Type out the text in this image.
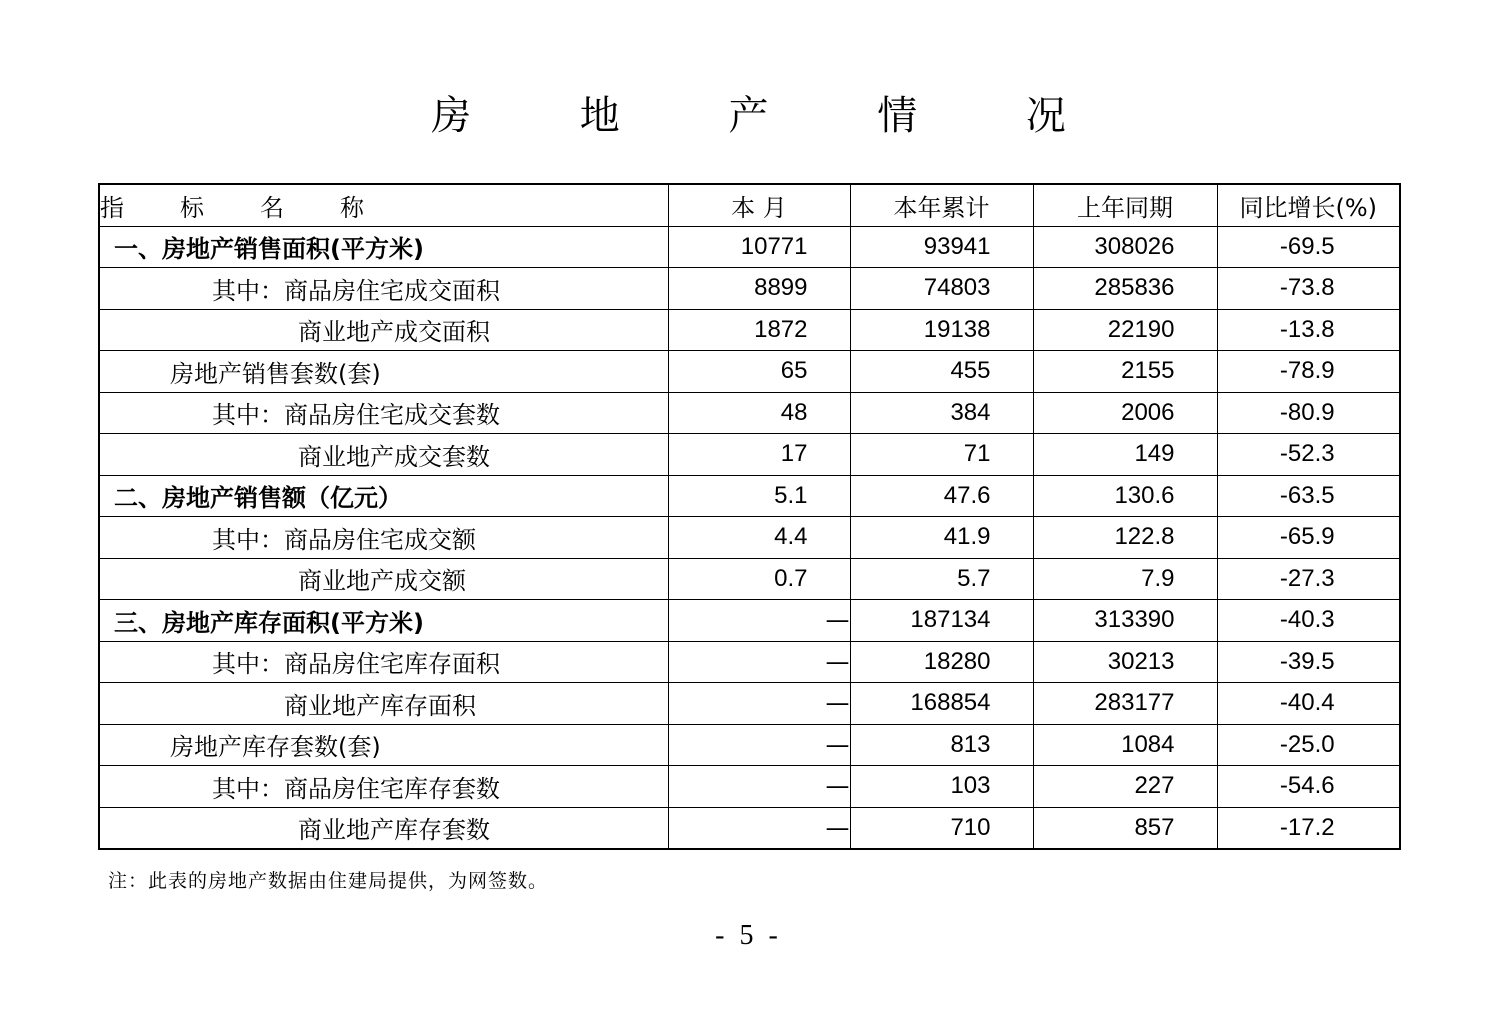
房 地 产 情 况
指标名称	本 月	本年累计	上年同期	同比增长(%)
一、房地产销售面积(平方米)	10771	93941	308026	-69.5
其中：商品房住宅成交面积	8899	74803	285836	-73.8
商业地产成交面积	1872	19138	22190	-13.8
房地产销售套数(套)	65	455	2155	-78.9
其中：商品房住宅成交套数	48	384	2006	-80.9
商业地产成交套数	17	71	149	-52.3
二、房地产销售额（亿元）	5.1	47.6	130.6	-63.5
其中：商品房住宅成交额	4.4	41.9	122.8	-65.9
商业地产成交额	0.7	5.7	7.9	-27.3
三、房地产库存面积(平方米)	—	187134	313390	-40.3
其中：商品房住宅库存面积	—	18280	30213	-39.5
商业地产库存面积	—	168854	283177	-40.4
房地产库存套数(套)	—	813	1084	-25.0
其中：商品房住宅库存套数	—	103	227	-54.6
商业地产库存套数	—	710	857	-17.2
注：此表的房地产数据由住建局提供，为网签数。
- 5 -
